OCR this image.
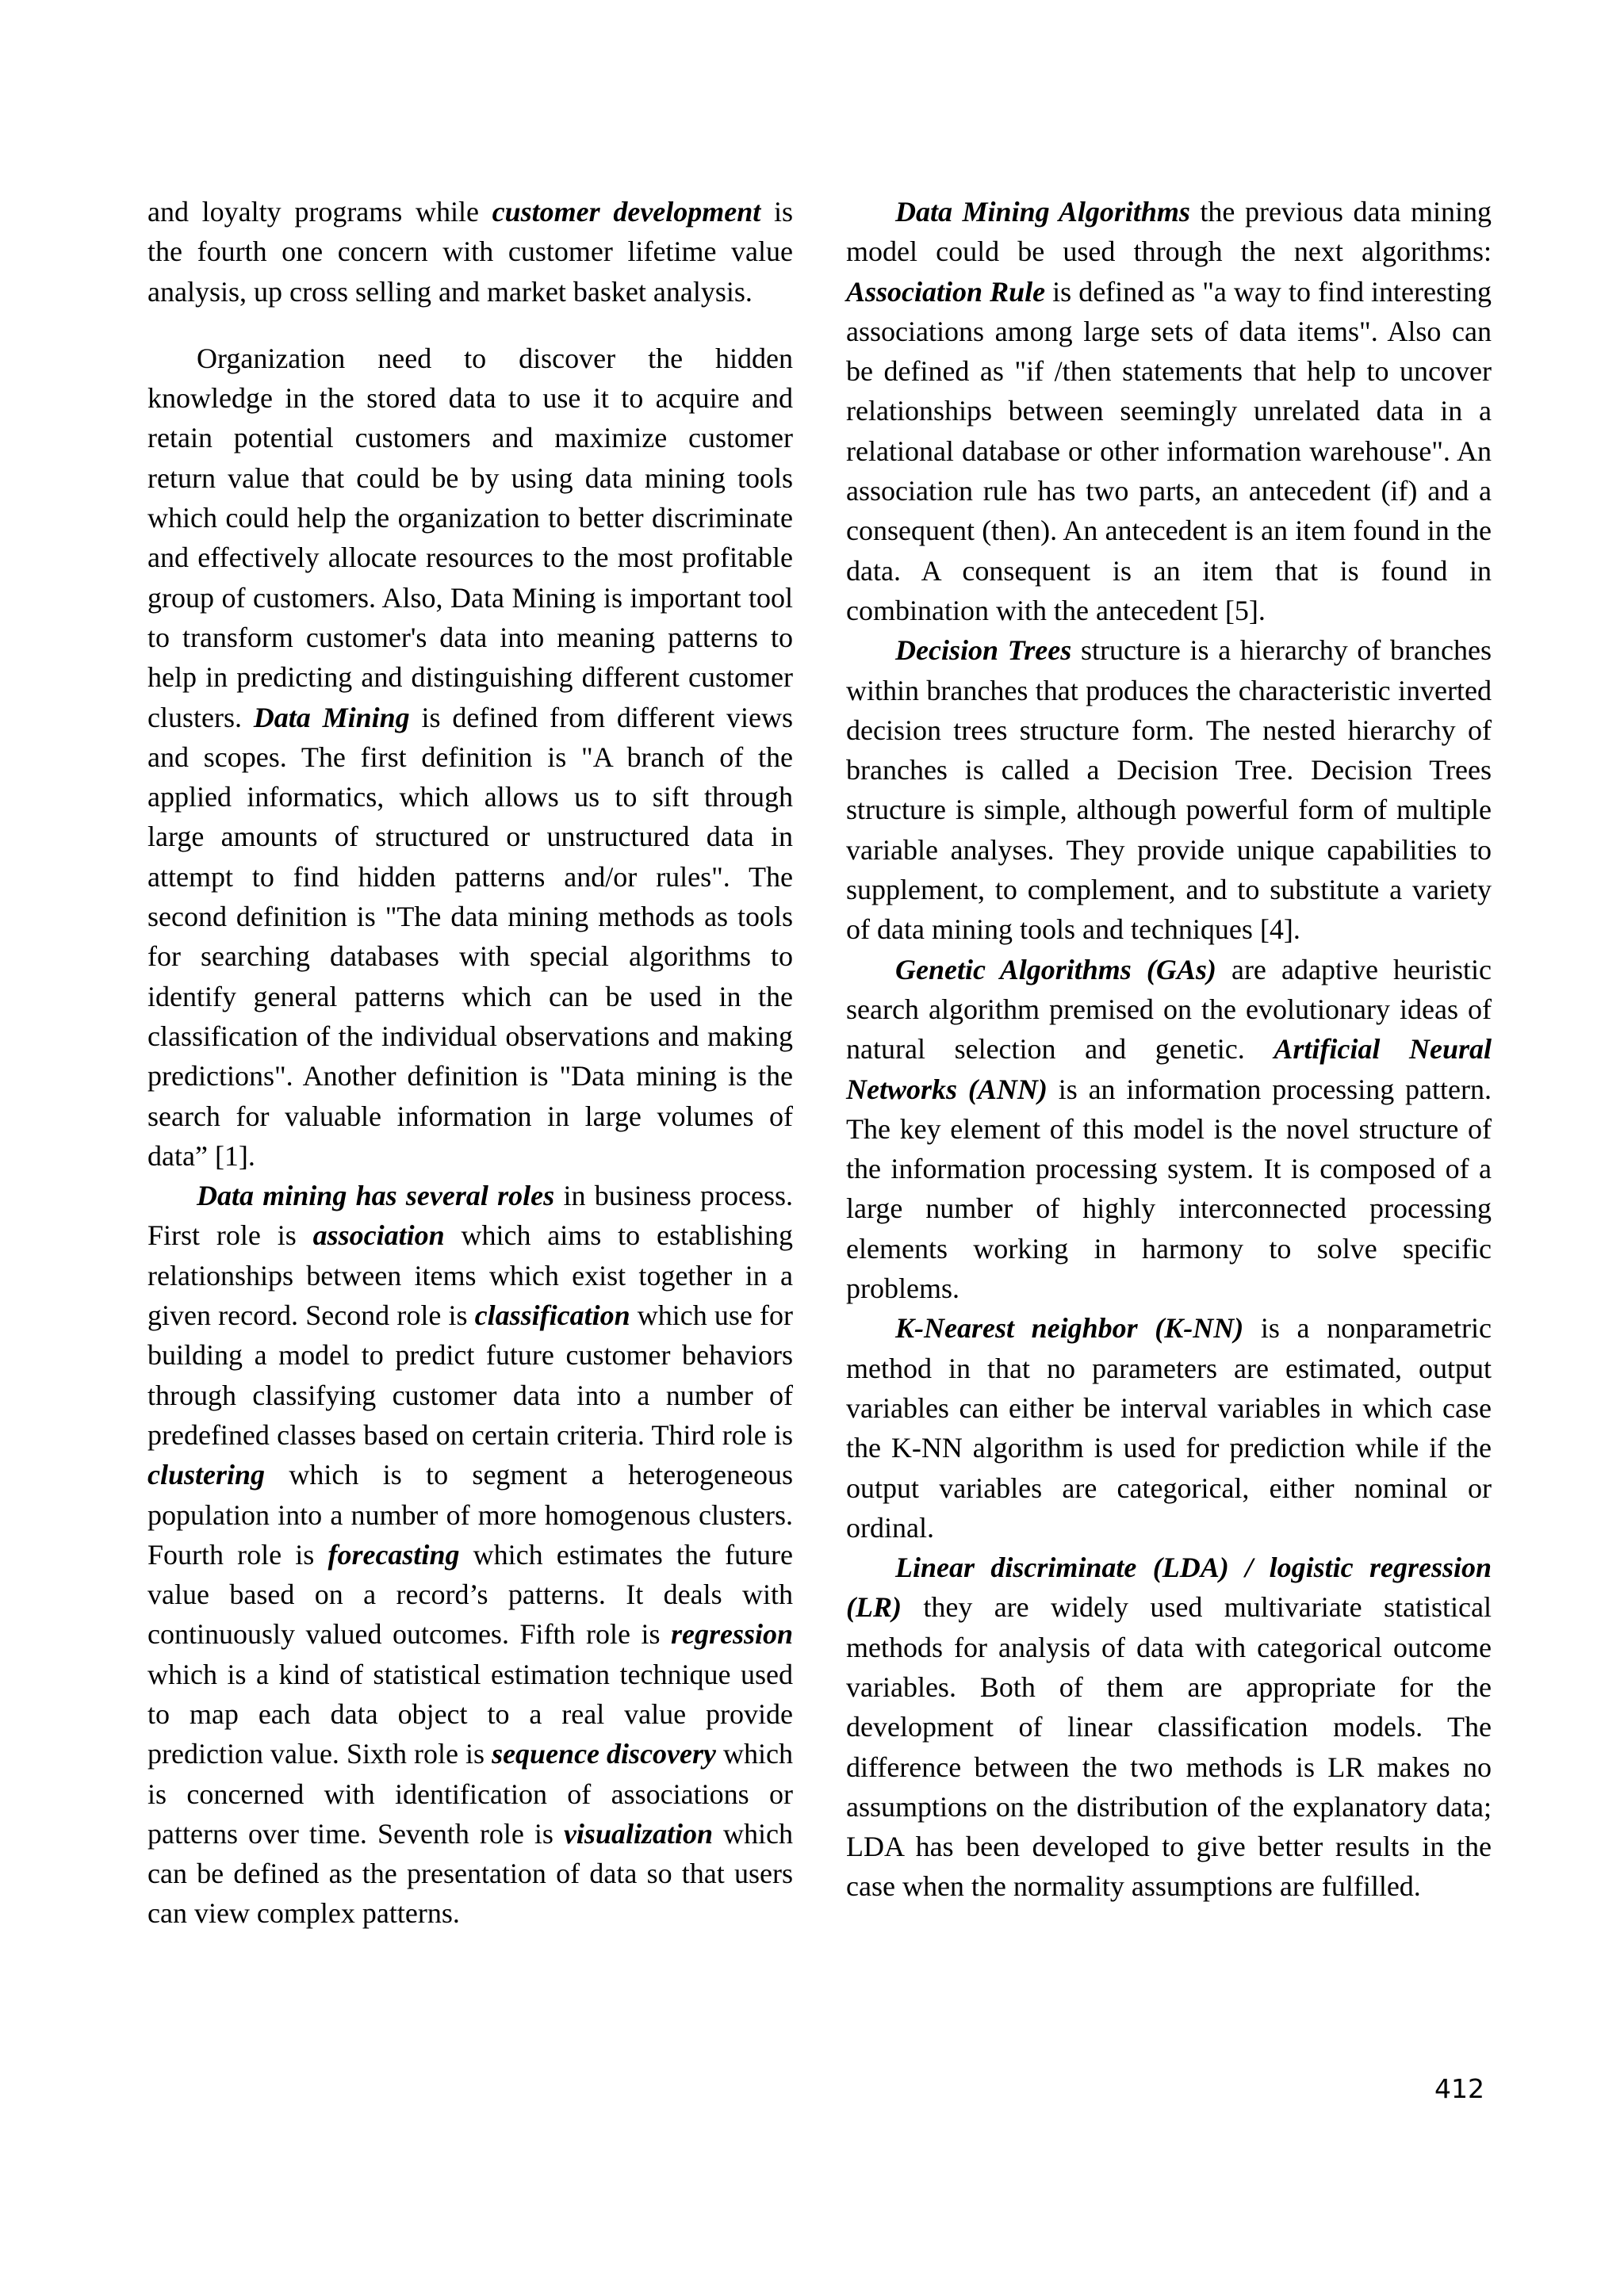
and loyalty programs while customer development is the fourth one concern with customer lifetime value analysis, up cross selling and market basket analysis.

Organization need to discover the hidden knowledge in the stored data to use it to acquire and retain potential customers and maximize customer return value that could be by using data mining tools which could help the organization to better discriminate and effectively allocate resources to the most profitable group of customers. Also, Data Mining is important tool to transform customer's data into meaning patterns to help in predicting and distinguishing different customer clusters. Data Mining is defined from different views and scopes. The first definition is "A branch of the applied informatics, which allows us to sift through large amounts of structured or unstructured data in attempt to find hidden patterns and/or rules". The second definition is "The data mining methods as tools for searching databases with special algorithms to identify general patterns which can be used in the classification of the individual observations and making predictions". Another definition is "Data mining is the search for valuable information in large volumes of data” [1].

Data mining has several roles in business process. First role is association which aims to establishing relationships between items which exist together in a given record. Second role is classification which use for building a model to predict future customer behaviors through classifying customer data into a number of predefined classes based on certain criteria. Third role is clustering which is to segment a heterogeneous population into a number of more homogenous clusters. Fourth role is forecasting which estimates the future value based on a record’s patterns. It deals with continuously valued outcomes. Fifth role is regression which is a kind of statistical estimation technique used to map each data object to a real value provide prediction value. Sixth role is sequence discovery which is concerned with identification of associations or patterns over time. Seventh role is visualization which can be defined as the presentation of data so that users can view complex patterns.

Data Mining Algorithms the previous data mining model could be used through the next algorithms: Association Rule is defined as "a way to find interesting associations among large sets of data items". Also can be defined as "if /then statements that help to uncover relationships between seemingly unrelated data in a relational database or other information warehouse". An association rule has two parts, an antecedent (if) and a consequent (then). An antecedent is an item found in the data. A consequent is an item that is found in combination with the antecedent [5].

Decision Trees structure is a hierarchy of branches within branches that produces the characteristic inverted decision trees structure form. The nested hierarchy of branches is called a Decision Tree. Decision Trees structure is simple, although powerful form of multiple variable analyses. They provide unique capabilities to supplement, to complement, and to substitute a variety of data mining tools and techniques [4].

Genetic Algorithms (GAs) are adaptive heuristic search algorithm premised on the evolutionary ideas of natural selection and genetic. Artificial Neural Networks (ANN) is an information processing pattern. The key element of this model is the novel structure of the information processing system. It is composed of a large number of highly interconnected processing elements working in harmony to solve specific problems.

K-Nearest neighbor (K-NN) is a nonparametric method in that no parameters are estimated, output variables can either be interval variables in which case the K-NN algorithm is used for prediction while if the output variables are categorical, either nominal or ordinal.

Linear discriminate (LDA) / logistic regression (LR) they are widely used multivariate statistical methods for analysis of data with categorical outcome variables. Both of them are appropriate for the development of linear classification models. The difference between the two methods is LR makes no assumptions on the distribution of the explanatory data; LDA has been developed to give better results in the case when the normality assumptions are fulfilled.

412
